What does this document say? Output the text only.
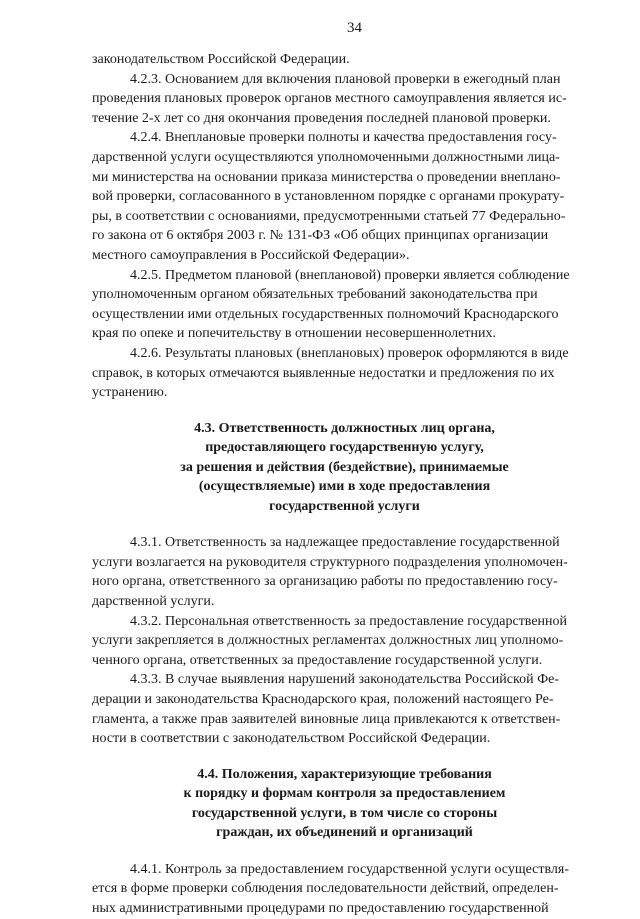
34

законодательством Российской Федерации.

4.2.3. Основанием для включения плановой проверки в ежегодный план
проведения плановых проверок органов местного самоуправления является ис-
течение 2-х лет со дня окончания проведения последней плановой проверки.

4.2.4. Внеплановые проверки полноты и качества предоставления госу-
дарственной услуги осуществляются уполномоченными должностными лица-
ми министерства на основании приказа министерства о проведении внеплано-
вой проверки, согласованного в установленном порядке с органами прокурату-
ры, в соответствии с основаниями, предусмотренными статьей 77 Федерально-
го закона от 6 октября 2003 г. № 131-ФЗ «Об общих принципах организации
местного самоуправления в Российской Федерации».

4.2.5. Предметом плановой (внеплановой) проверки является соблюдение
уполномоченным органом обязательных требований законодательства при
осуществлении ими отдельных государственных полномочий Краснодарского
края по опеке и попечительству в отношении несовершеннолетних.

4.2.6. Результаты плановых (внеплановых) проверок оформляются в виде
справок, в которых отмечаются выявленные недостатки и предложения по их
устранению.

4.3. Ответственность должностных лиц органа,
предоставляющего государственную услугу,
за решения и действия (бездействие), принимаемые
(осуществляемые) ими в ходе предоставления
государственной услуги

4.3.1. Ответственность за надлежащее предоставление государственной
услуги возлагается на руководителя структурного подразделения уполномочен-
ного органа, ответственного за организацию работы по предоставлению госу-
дарственной услуги.

4.3.2. Персональная ответственность за предоставление государственной
услуги закрепляется в должностных регламентах должностных лиц уполномо-
ченного органа, ответственных за предоставление государственной услуги.

4.3.3. В случае выявления нарушений законодательства Российской Фе-
дерации и законодательства Краснодарского края, положений настоящего Ре-
гламента, а также прав заявителей виновные лица привлекаются к ответствен-
ности в соответствии с законодательством Российской Федерации.

4.4. Положения, характеризующие требования
к порядку и формам контроля за предоставлением
государственной услуги, в том числе со стороны
граждан, их объединений и организаций

4.4.1. Контроль за предоставлением государственной услуги осуществля-
ется в форме проверки соблюдения последовательности действий, определен-
ных административными процедурами по предоставлению государственной
